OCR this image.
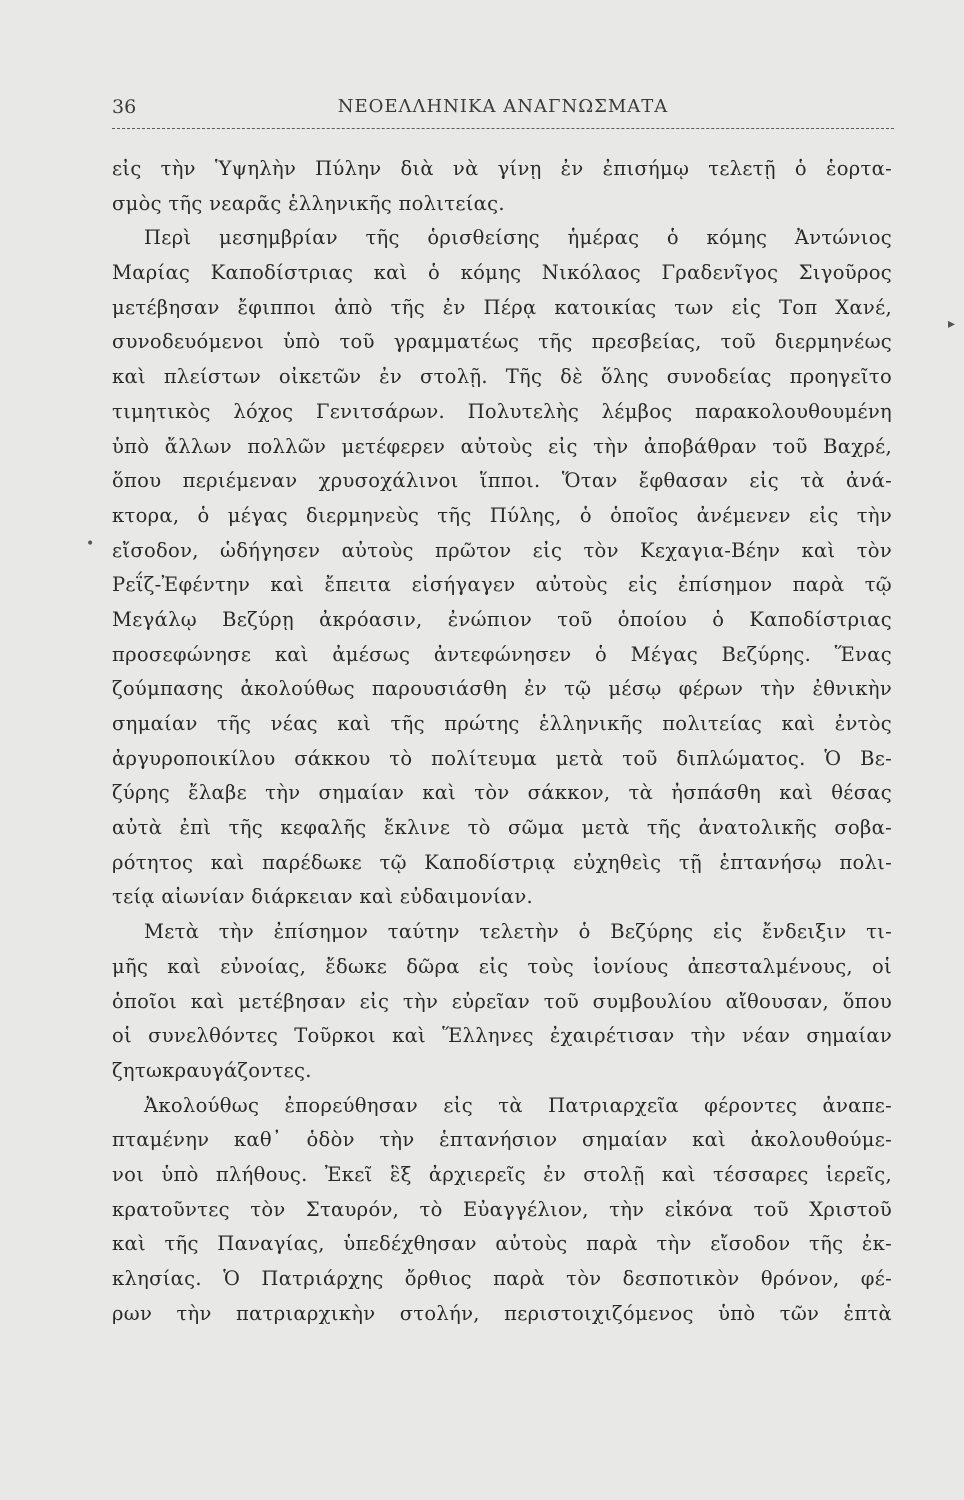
36	ΝΕΟΕΛΛΗΝΙΚΑ ΑΝΑΓΝΩΣΜΑΤΑ
•
▸
εἰς τὴν Ὑψηλὴν Πύλην διὰ νὰ γίνῃ ἐν ἐπισήμῳ τελετῇ ὁ ἑορτα-
σμὸς τῆς νεαρᾶς ἑλληνικῆς πολιτείας.
Περὶ μεσημβρίαν τῆς ὁρισθείσης ἡμέρας ὁ κόμης Ἀντώνιος
Μαρίας Καποδίστριας καὶ ὁ κόμης Νικόλαος Γραδενῖγος Σιγοῦρος
μετέβησαν ἔφιπποι ἀπὸ τῆς ἐν Πέρᾳ κατοικίας των εἰς Τοπ Χανέ,
συνοδευόμενοι ὑπὸ τοῦ γραμματέως τῆς πρεσβείας, τοῦ διερμηνέως
καὶ πλείστων οἰκετῶν ἐν στολῇ. Τῆς δὲ ὅλης συνοδείας προηγεῖτο
τιμητικὸς λόχος Γενιτσάρων. Πολυτελὴς λέμβος παρακολουθουμένη
ὑπὸ ἄλλων πολλῶν μετέφερεν αὐτοὺς εἰς τὴν ἀποβάθραν τοῦ Βαχρέ,
ὅπου περιέμεναν χρυσοχάλινοι ἵπποι. Ὅταν ἔφθασαν εἰς τὰ ἀνά-
κτορα, ὁ μέγας διερμηνεὺς τῆς Πύλης, ὁ ὁποῖος ἀνέμενεν εἰς τὴν
εἴσοδον, ὡδήγησεν αὐτοὺς πρῶτον εἰς τὸν Κεχαγια-Βέην καὶ τὸν
Ρεΐζ-Ἐφέντην καὶ ἔπειτα εἰσήγαγεν αὐτοὺς εἰς ἐπίσημον παρὰ τῷ
Μεγάλῳ Βεζύρῃ ἀκρόασιν, ἐνώπιον τοῦ ὁποίου ὁ Καποδίστριας
προσεφώνησε καὶ ἀμέσως ἀντεφώνησεν ὁ Μέγας Βεζύρης. Ἕνας
ζούμπασης ἀκολούθως παρουσιάσθη ἐν τῷ μέσῳ φέρων τὴν ἐθνικὴν
σημαίαν τῆς νέας καὶ τῆς πρώτης ἑλληνικῆς πολιτείας καὶ ἐντὸς
ἀργυροποικίλου σάκκου τὸ πολίτευμα μετὰ τοῦ διπλώματος. Ὁ Βε-
ζύρης ἔλαβε τὴν σημαίαν καὶ τὸν σάκκον, τὰ ἠσπάσθη καὶ θέσας
αὐτὰ ἐπὶ τῆς κεφαλῆς ἔκλινε τὸ σῶμα μετὰ τῆς ἀνατολικῆς σοβα-
ρότητος καὶ παρέδωκε τῷ Καποδίστριᾳ εὐχηθεὶς τῇ ἑπτανήσῳ πολι-
τείᾳ αἰωνίαν διάρκειαν καὶ εὐδαιμονίαν.
Μετὰ τὴν ἐπίσημον ταύτην τελετὴν ὁ Βεζύρης εἰς ἔνδειξιν τι-
μῆς καὶ εὐνοίας, ἔδωκε δῶρα εἰς τοὺς ἰονίους ἀπεσταλμένους, οἱ
ὁποῖοι καὶ μετέβησαν εἰς τὴν εὐρεῖαν τοῦ συμβουλίου αἴθουσαν, ὅπου
οἱ συνελθόντες Τοῦρκοι καὶ Ἕλληνες ἐχαιρέτισαν τὴν νέαν σημαίαν
ζητωκραυγάζοντες.
Ἀκολούθως ἐπορεύθησαν εἰς τὰ Πατριαρχεῖα φέροντες ἀναπε-
πταμένην καθ᾽ ὁδὸν τὴν ἑπτανήσιον σημαίαν καὶ ἀκολουθούμε-
νοι ὑπὸ πλήθους. Ἐκεῖ ἓξ ἀρχιερεῖς ἐν στολῇ καὶ τέσσαρες ἱερεῖς,
κρατοῦντες τὸν Σταυρόν, τὸ Εὐαγγέλιον, τὴν εἰκόνα τοῦ Χριστοῦ
καὶ τῆς Παναγίας, ὑπεδέχθησαν αὐτοὺς παρὰ τὴν εἴσοδον τῆς ἐκ-
κλησίας. Ὁ Πατριάρχης ὄρθιος παρὰ τὸν δεσποτικὸν θρόνον, φέ-
ρων τὴν πατριαρχικὴν στολήν, περιστοιχιζόμενος ὑπὸ τῶν ἑπτὰ
